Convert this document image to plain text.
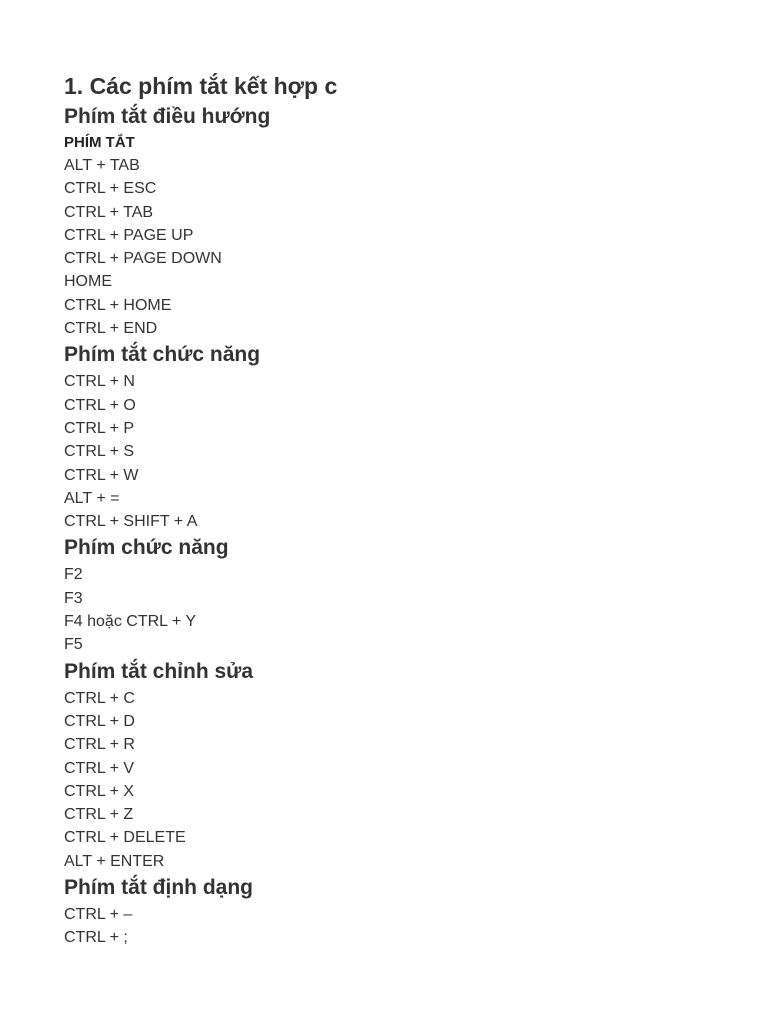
1. Các phím tắt kết hợp c
Phím tắt điều hướng
PHÍM TẮT
ALT + TAB
CTRL + ESC
CTRL + TAB
CTRL + PAGE UP
CTRL + PAGE DOWN
HOME
CTRL + HOME
CTRL + END
Phím tắt chức năng
CTRL + N
CTRL + O
CTRL + P
CTRL + S
CTRL + W
ALT + =
CTRL + SHIFT + A
Phím chức năng
F2
F3
F4 hoặc CTRL + Y
F5
Phím tắt chỉnh sửa
CTRL + C
CTRL + D
CTRL + R
CTRL + V
CTRL + X
CTRL + Z
CTRL + DELETE
ALT + ENTER
Phím tắt định dạng
CTRL + –
CTRL + ;
